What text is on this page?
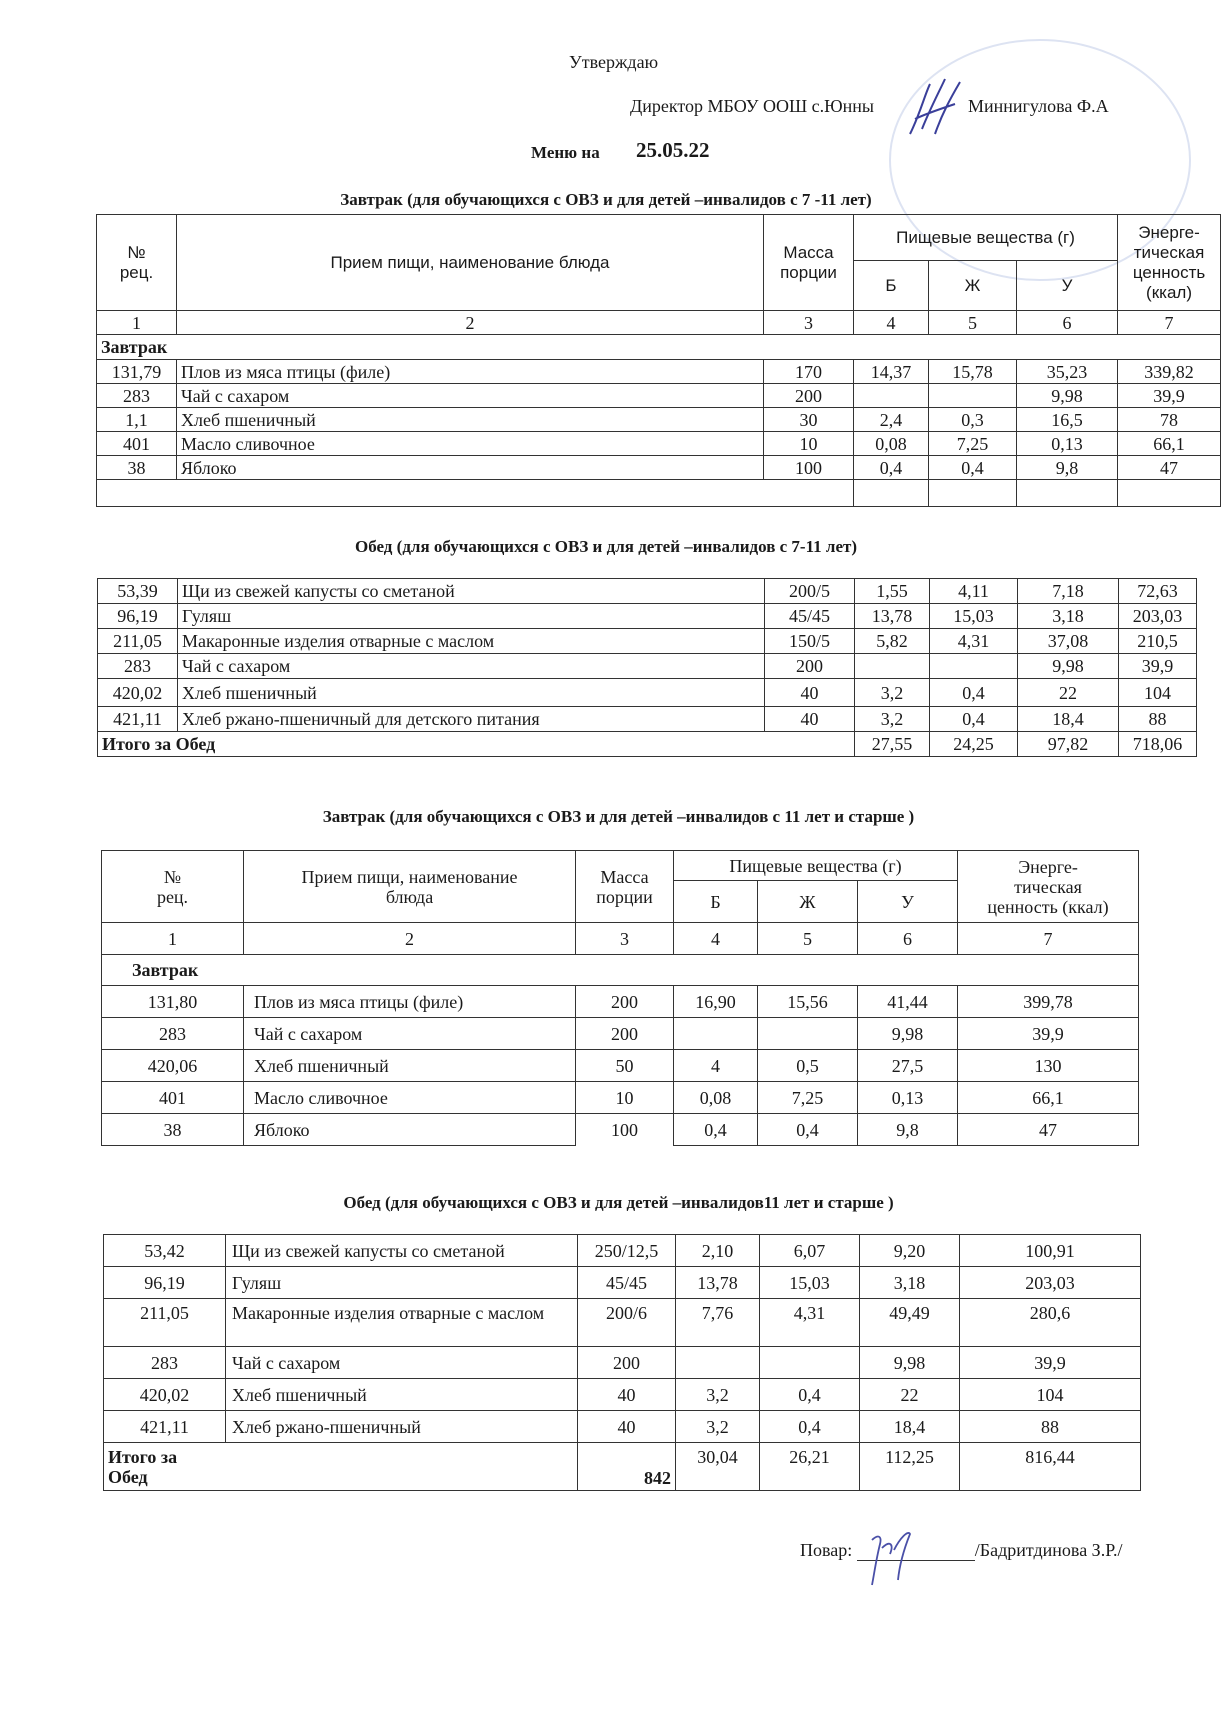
Утверждаю
Директор МБОУ ООШ с.Юнны	Миннигулова Ф.А
Меню на 25.05.22
Завтрак (для обучающихся с ОВЗ и для детей –инвалидов с 7 -11 лет)
№
рец.	Прием пищи, наименование блюда	Масса
порции	Пищевые вещества (г)			Энерге-
тическая
ценность
(ккал)
			Б	Ж	У	
1	2	3	4	5	6	7
Завтрак						
131,79	Плов из мяса птицы (филе)	170	14,37	15,78	35,23	339,82
283	Чай с сахаром	200			9,98	39,9
1,1	Хлеб пшеничный	30	2,4	0,3	16,5	78
401	Масло сливочное	10	0,08	7,25	0,13	66,1
38	Яблоко	100	0,4	0,4	9,8	47

Обед (для обучающихся с ОВЗ и для детей –инвалидов с 7-11 лет)
53,39	Щи из свежей капусты со сметаной	200/5	1,55	4,11	7,18	72,63
96,19	Гуляш	45/45	13,78	15,03	3,18	203,03
211,05	Макаронные изделия отварные с маслом	150/5	5,82	4,31	37,08	210,5
283	Чай с сахаром	200			9,98	39,9
420,02	Хлеб пшеничный	40	3,2	0,4	22	104
421,11	Хлеб ржано-пшеничный для детского питания	40	3,2	0,4	18,4	88
Итого за Обед			27,55	24,25	97,82	718,06
Завтрак (для обучающихся с ОВЗ и для детей –инвалидов с 11 лет и старше )
№
рец.	Прием пищи, наименование
блюда	Масса
порции	Пищевые вещества (г)			Энерге-
тическая
ценность (ккал)
			Б	Ж	У	
1	2	3	4	5	6	7
Завтрак						
131,80	Плов из мяса птицы (филе)	200	16,90	15,56	41,44	399,78
283	Чай с сахаром	200			9,98	39,9
420,06	Хлеб пшеничный	50	4	0,5	27,5	130
401	Масло сливочное	10	0,08	7,25	0,13	66,1
38	Яблоко	100	0,4	0,4	9,8	47
Обед (для обучающихся с ОВЗ и для детей –инвалидов11 лет и старше )
53,42	Щи из свежей капусты со сметаной	250/12,5	2,10	6,07	9,20	100,91
96,19	Гуляш	45/45	13,78	15,03	3,18	203,03
211,05	Макаронные изделия отварные с маслом	200/6	7,76	4,31	49,49	280,6
283	Чай с сахаром	200			9,98	39,9
420,02	Хлеб пшеничный	40	3,2	0,4	22	104
421,11	Хлеб ржано-пшеничный	40	3,2	0,4	18,4	88

Итого за Обед		842	30,04	26,21	112,25	816,44
Повар:	/Бадритдинова З.Р./
